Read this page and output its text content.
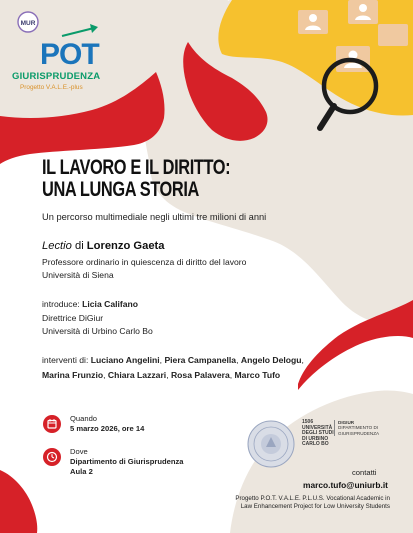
MUR
POT
GIURISPRUDENZA
Progetto V.A.L.E.-plus
IL LAVORO E IL DIRITTO:
UNA LUNGA STORIA
Un percorso multimediale negli ultimi tre milioni di anni
Lectio di Lorenzo Gaeta
Professore ordinario in quiescenza di diritto del lavoro
Università di Siena
introduce: Licia Califano
Direttrice DiGiur
Università di Urbino Carlo Bo
interventi di: Luciano Angelini, Piera Campanella, Angelo Delogu,
Marina Frunzio, Chiara Lazzari, Rosa Palavera, Marco Tufo
Quando
5 marzo 2026, ore 14
Dove
Dipartimento di Giurisprudenza
Aula 2
1506
UNIVERSITÀ
DEGLI STUDI
DI URBINO
CARLO BO
DIGIUR
DIPARTIMENTO DI
GIURISPRUDENZA
contatti
marco.tufo@uniurb.it
Progetto P.O.T. V.A.L.E. P.L.U.S. Vocational Academic in Law Enhancement Project for Low University Students
